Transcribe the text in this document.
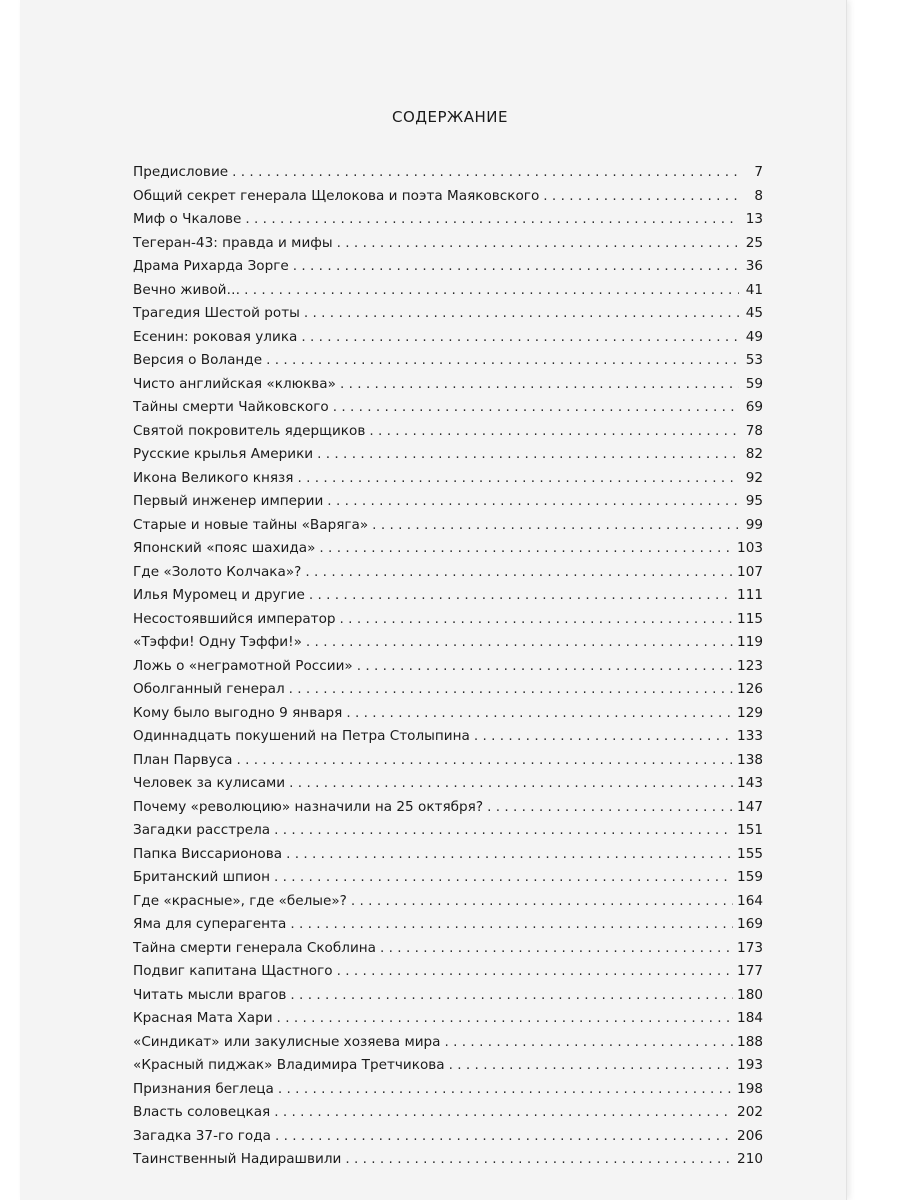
СОДЕРЖАНИЕ
Предисловие . . .	7
Общий секрет генерала Щелокова и поэта Маяковского . . .	8
Миф о Чкалове . . .	13
Тегеран-43: правда и мифы . . .	25
Драма Рихарда Зорге . . .	36
Вечно живой… . . .	41
Трагедия Шестой роты . . .	45
Есенин: роковая улика . . .	49
Версия о Воланде . . .	53
Чисто английская «клюква» . . .	59
Тайны смерти Чайковского . . .	69
Святой покровитель ядерщиков . . .	78
Русские крылья Америки . . .	82
Икона Великого князя . . .	92
Первый инженер империи . . .	95
Старые и новые тайны «Варяга» . . .	99
Японский «пояс шахида» . . .	103
Где «Золото Колчака»? . . .	107
Илья Муромец и другие . . .	111
Несостоявшийся император . . .	115
«Тэффи! Одну Тэффи!» . . .	119
Ложь о «неграмотной России» . . .	123
Оболганный генерал . . .	126
Кому было выгодно 9 января . . .	129
Одиннадцать покушений на Петра Столыпина . . .	133
План Парвуса . . .	138
Человек за кулисами . . .	143
Почему «революцию» назначили на 25 октября? . . .	147
Загадки расстрела . . .	151
Папка Виссарионова . . .	155
Британский шпион . . .	159
Где «красные», где «белые»? . . .	164
Яма для суперагента . . .	169
Тайна смерти генерала Скоблина . . .	173
Подвиг капитана Щастного . . .	177
Читать мысли врагов . . .	180
Красная Мата Хари . . .	184
«Синдикат» или закулисные хозяева мира . . .	188
«Красный пиджак» Владимира Третчикова . . .	193
Признания беглеца . . .	198
Власть соловецкая . . .	202
Загадка 37-го года . . .	206
Таинственный Надирашвили . . .	210
